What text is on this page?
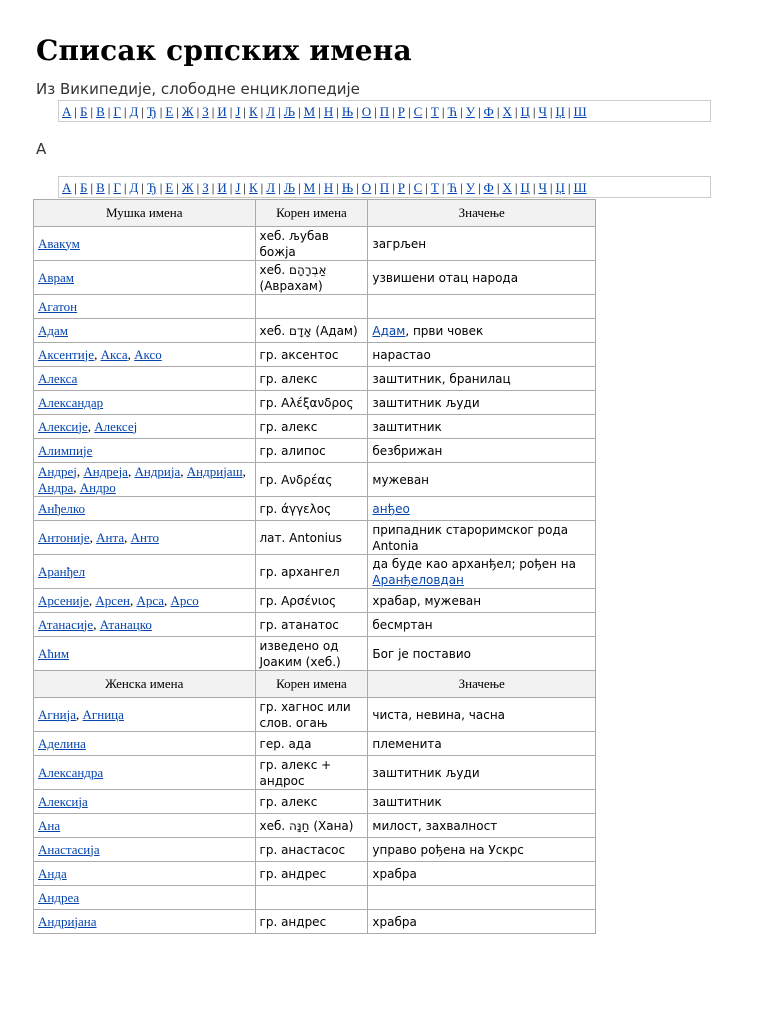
Списак српских имена
Из Википедије, слободне енциклопедије
А | Б | В | Г | Д | Ђ | Е | Ж | З | И | Ј | К | Л | Љ | М | Н | Њ | О | П | Р | С | Т | Ћ | У | Ф | Х | Ц | Ч | Џ | Ш
А
А | Б | В | Г | Д | Ђ | Е | Ж | З | И | Ј | К | Л | Љ | М | Н | Њ | О | П | Р | С | Т | Ћ | У | Ф | Х | Ц | Ч | Џ | Ш
Мушка имена	Корен имена	Значење
Авакум	хеб. љубав божја	загрљен
Аврам	хеб. אַבְרָהָם (Аврахам)	узвишени отац народа
Агатон		
Адам	хеб. אָדָם (Адам)	Адам, први човек
Аксентије, Акса, Аксо	гр. аксентос	нарастао
Алекса	гр. алекс	заштитник, бранилац
Александар	гр. Αλέξανδρος	заштитник људи
Алексије, Алексеј	гр. алекс	заштитник
Алимпије	гр. алипос	безбрижан
Андреј, Андреја, Андрија, Андријаш, Андра, Андро	гр. Ανδρέας	мужеван
Анђелко	гр. άγγελος	анђео
Антоније, Анта, Анто	лат. Antonius	припадник староримског рода Antonia
Аранђел	гр. архангел	да буде као арханђел; рођен на Аранђеловдан
Арсеније, Арсен, Арса, Арсо	гр. Αρσένιος	храбар, мужеван
Атанасије, Атанацко	гр. атанатос	бесмртан
Аћим	изведено од Јоаким (хеб.)	Бог је поставио
Женска имена	Корен имена	Значење
Агнија, Агница	гр. хагнос или слов. огањ	чиста, невина, часна
Аделина	гер. ада	племенита
Александра	гр. алекс + андрос	заштитник људи
Алексија	гр. алекс	заштитник
Ана	хеб. חַנָּה (Хана)	милост, захвалност
Анастасија	гр. анастасос	управо рођена на Ускрс
Анда	гр. андрес	храбра
Андреа		
Андријана	гр. андрес	храбра
